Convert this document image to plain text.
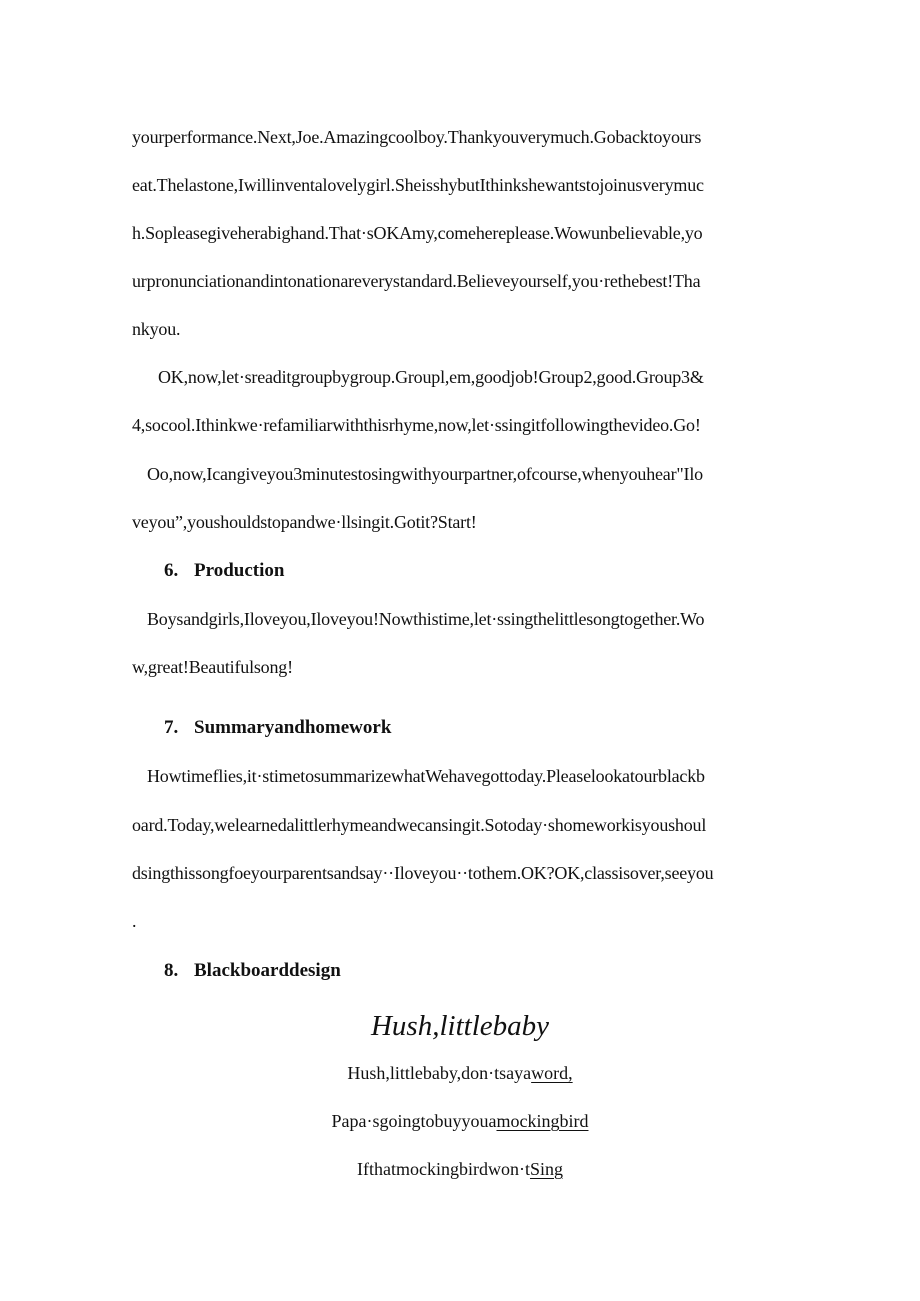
yourperformance.Next,Joe.Amazingcoolboy.Thankyouverymuch.Gobacktoyours
eat.Thelastone,Iwillinventalovelygirl.SheisshybutIthinkshewantstojoinusverymuc
h.Sopleasegiveherabighand.That·sOKAmy,comehereplease.Wowunbelievable,yo
urpronunciationandintonationareverystandard.Believeyourself,you·rethebest!Tha
nkyou.
OK,now,let·sreaditgroupbygroup.Groupl,em,goodjob!Group2,good.Group3&
4,socool.Ithinkwe·refamiliarwiththisrhyme,now,let·ssingitfollowingthevideo.Go!
Oo,now,Icangiveyou3minutestosingwithyourpartner,ofcourse,whenyouhear"Ilo
veyou”,youshouldstopandwe·llsingit.Gotit?Start!
6. Production
Boysandgirls,Iloveyou,Iloveyou!Nowthistime,let·ssingthelittlesongtogether.Wo
w,great!Beautifulsong!
7. Summaryandhomework
Howtimeflies,it·stimetosummarizewhatWehavegottoday.Pleaselookatourblackb
oard.Today,welearnedalittlerhymeandwecansingit.Sotoday·shomeworkisyoushoul
dsingthissongfoeyourparentsandsay··Iloveyou··tothem.OK?OK,classisover,seeyou
.
8. Blackboarddesign
Hush,littlebaby
Hush,littlebaby,don·tsayaword,
Papa·sgoingtobuyyouamockingbird
Ifthatmockingbirdwon·tSing
